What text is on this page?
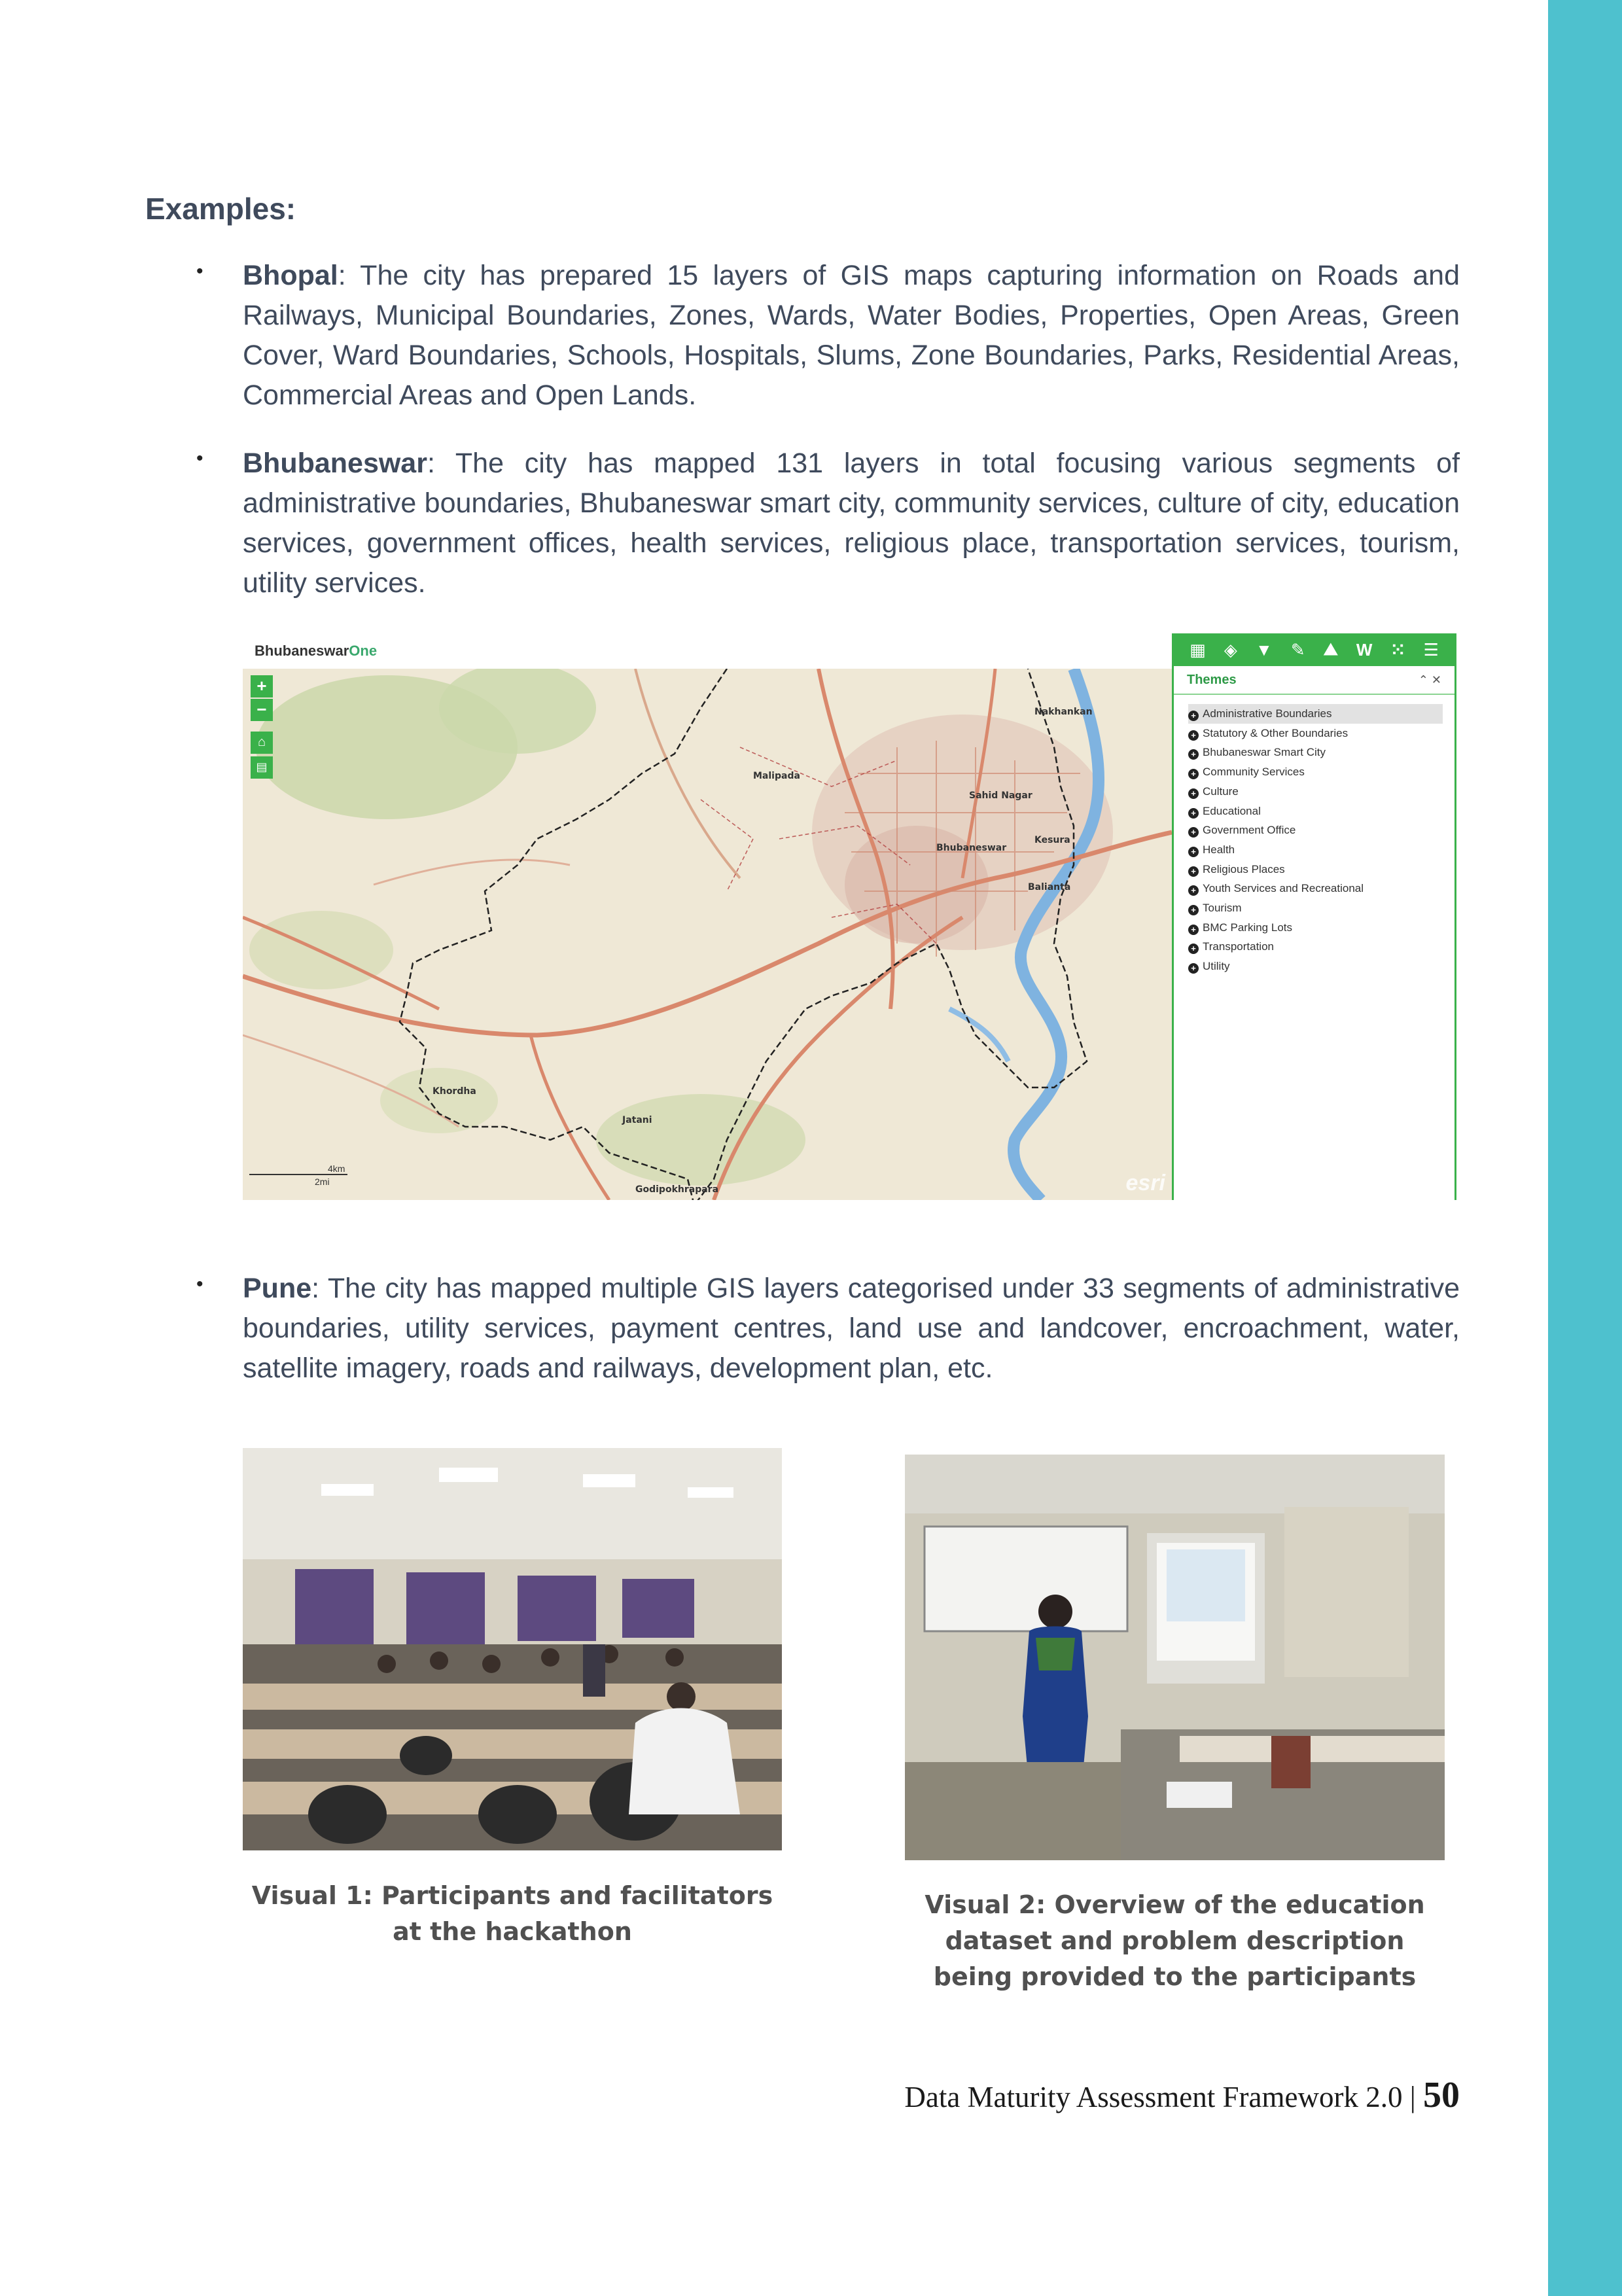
Examples:
• Bhopal: The city has prepared 15 layers of GIS maps capturing information on Roads and Railways, Municipal Boundaries, Zones, Wards, Water Bodies, Properties, Open Areas, Green Cover, Ward Boundaries, Schools, Hospitals, Slums, Zone Boundaries, Parks, Residential Areas, Commercial Areas and Open Lands.
• Bhubaneswar: The city has mapped 131 layers in total focusing various segments of administrative boundaries, Bhubaneswar smart city, community services, culture of city, education services, government offices, health services, religious place, transportation services, tourism, utility services.
BhubaneswarOne
Bhubaneswar
Sahid Nagar
Nakhankan
Kesura
Balianta
Malipada
Khordha
Jatani
Godipokhrapara
+
−
⌂
▤
4km
2mi	esri
▦ ◈ ▼ ✎ ⛰ W ⁙ ☰
Themes	⌃ ✕
+ Administrative Boundaries
+ Statutory & Other Boundaries
+ Bhubaneswar Smart City
+ Community Services
+ Culture
+ Educational
+ Government Office
+ Health
+ Religious Places
+ Youth Services and Recreational
+ Tourism
+ BMC Parking Lots
+ Transportation
+ Utility
• Pune: The city has mapped multiple GIS layers categorised under 33 segments of administrative boundaries, utility services, payment centres, land use and landcover, encroachment, water, satellite imagery, roads and railways, development plan, etc.
Visual 1: Participants and facilitators at the hackathon
Visual 2: Overview of the education dataset and problem description being provided to the participants
Data Maturity Assessment Framework 2.0 | 50
